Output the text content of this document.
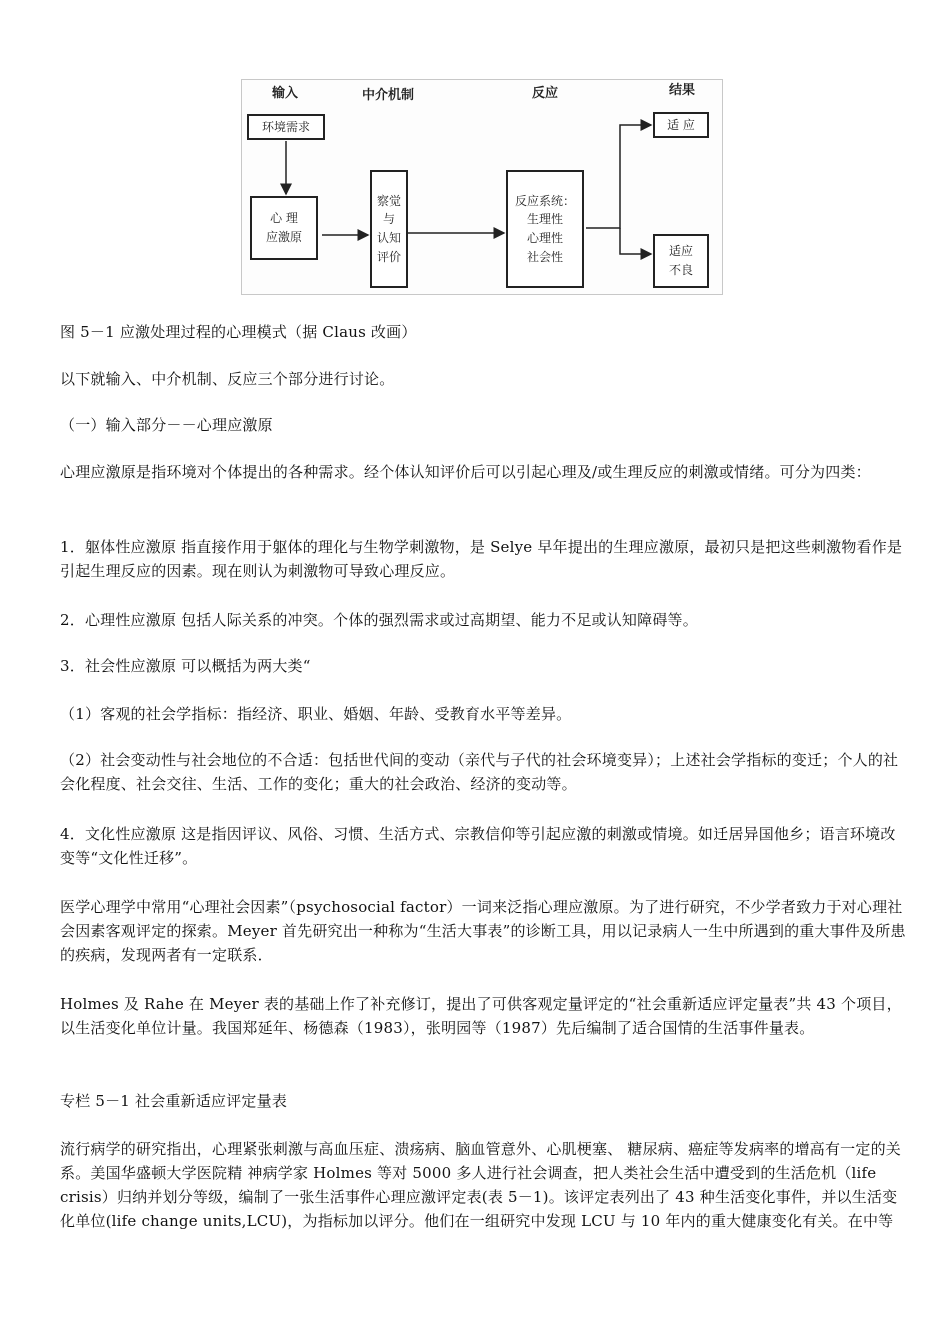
输入	中介机制	反应	结果
环境需求
心 理
应激原
察觉
与
认知
评价
反应系统：
生理性
心理性
社会性
适 应
适应
不良

图 5－1 应激处理过程的心理模式（据 Claus 改画）

以下就输入、中介机制、反应三个部分进行讨论。

（一）输入部分－－心理应激原

心理应激原是指环境对个体提出的各种需求。经个体认知评价后可以引起心理及/或生理反应的刺激或情绪。可分为四类：

1．躯体性应激原 指直接作用于躯体的理化与生物学刺激物，是 Selye 早年提出的生理应激原，最初只是把这些刺激物看作是引起生理反应的因素。现在则认为刺激物可导致心理反应。

2．心理性应激原 包括人际关系的冲突。个体的强烈需求或过高期望、能力不足或认知障碍等。

3．社会性应激原 可以概括为两大类“

（1）客观的社会学指标：指经济、职业、婚姻、年龄、受教育水平等差异。

（2）社会变动性与社会地位的不合适：包括世代间的变动（亲代与子代的社会环境变异）；上述社会学指标的变迁；个人的社会化程度、社会交往、生活、工作的变化；重大的社会政治、经济的变动等。

4．文化性应激原 这是指因评议、风俗、习惯、生活方式、宗教信仰等引起应激的刺激或情境。如迁居异国他乡；语言环境改变等“文化性迁移”。

医学心理学中常用“心理社会因素”（psychosocial factor）一词来泛指心理应激原。为了进行研究，不少学者致力于对心理社会因素客观评定的探索。Meyer 首先研究出一种称为“生活大事表”的诊断工具，用以记录病人一生中所遇到的重大事件及所患的疾病，发现两者有一定联系．

Holmes 及 Rahe 在 Meyer 表的基础上作了补充修订，提出了可供客观定量评定的“社会重新适应评定量表”共 43 个项目，以生活变化单位计量。我国郑延年、杨德森（1983），张明园等（1987）先后编制了适合国情的生活事件量表。

专栏 5－1 社会重新适应评定量表

流行病学的研究指出，心理紧张刺激与高血压症、溃疡病、脑血管意外、心肌梗塞、 糖尿病、癌症等发病率的增高有一定的关系。美国华盛顿大学医院精 神病学家 Holmes 等对 5000 多人进行社会调查，把人类社会生活中遭受到的生活危机（life crisis）归纳并划分等级，编制了一张生活事件心理应激评定表(表 5－1)。该评定表列出了 43 种生活变化事件，并以生活变化单位(life change units,LCU)，为指标加以评分。他们在一组研究中发现 LCU 与 10 年内的重大健康变化有关。在中等
